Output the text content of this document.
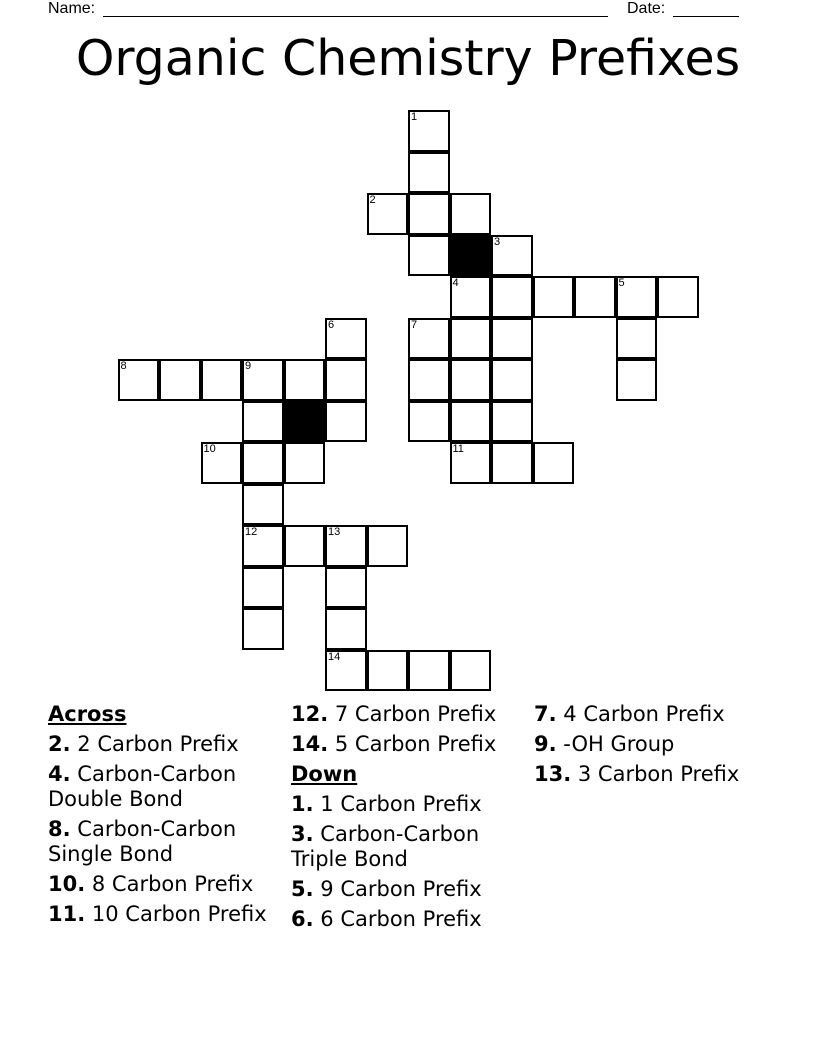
Name:	Date:
Organic Chemistry Prefixes
1
2
3
4	5
6	7
8	9
10	11
12	13
14
Across
2. 2 Carbon Prefix
4. Carbon-Carbon Double Bond
8. Carbon-Carbon Single Bond
10. 8 Carbon Prefix
11. 10 Carbon Prefix
12. 7 Carbon Prefix
14. 5 Carbon Prefix
Down
1. 1 Carbon Prefix
3. Carbon-Carbon Triple Bond
5. 9 Carbon Prefix
6. 6 Carbon Prefix
7. 4 Carbon Prefix
9. -OH Group
13. 3 Carbon Prefix
